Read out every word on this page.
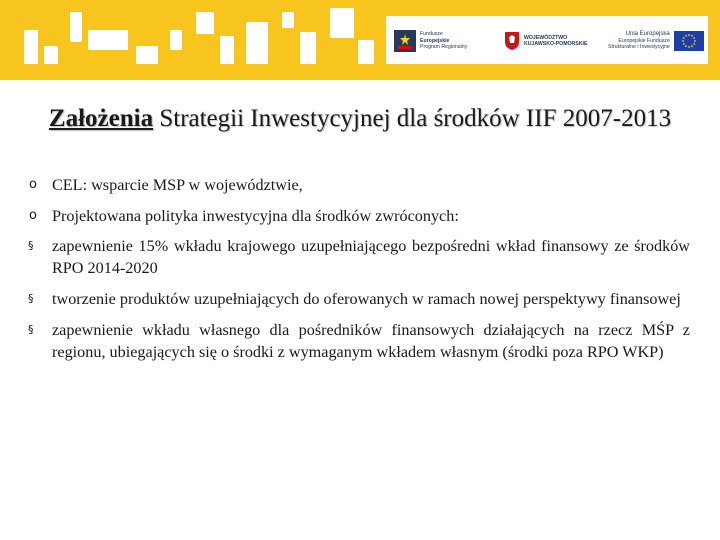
Fundusze
Europejskie
Program Regionalny
WOJEWÓDZTWO
KUJAWSKO-POMORSKIE
Unia Europejska
Europejskie Fundusze
Strukturalne i Inwestycyjne
Założenia Strategii Inwestycyjnej dla środków IIF 2007-2013
o CEL: wsparcie MSP w województwie,
o Projektowana polityka inwestycyjna dla środków zwróconych:
§ zapewnienie 15% wkładu krajowego uzupełniającego bezpośredni wkład finansowy ze środków RPO 2014-2020
§ tworzenie produktów uzupełniających do oferowanych w ramach nowej perspektywy finansowej
§ zapewnienie wkładu własnego dla pośredników finansowych działających na rzecz MŚP z regionu, ubiegających się o środki z wymaganym wkładem własnym (środki poza RPO WKP)
